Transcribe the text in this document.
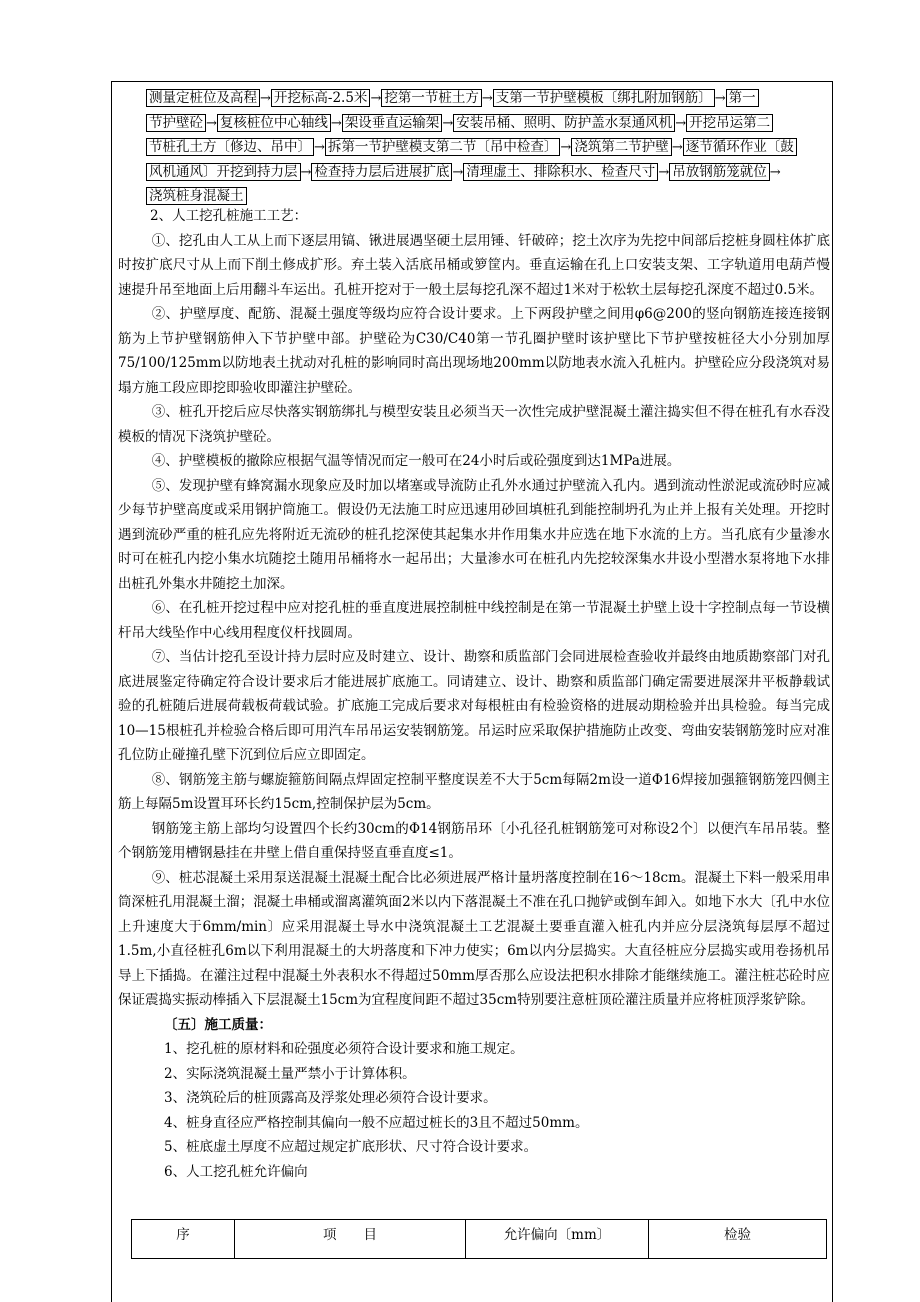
测量定桩位及高程 → 开挖标高-2.5米 → 挖第一节桩土方 → 支第一节护壁模板〔绑扎附加钢筋〕 → 第一
节护壁砼 → 复核桩位中心轴线 → 架设垂直运输架 → 安装吊桶、照明、防护盖水泵通风机 → 开挖吊运第二
节桩孔土方〔修边、吊中〕 → 拆第一节护壁模支第二节〔吊中检查〕 → 浇筑第二节护壁 → 逐节循环作业〔鼓
风机通风〕开挖到持力层 → 检查持力层后进展扩底 → 清理虚土、排除积水、检查尺寸 → 吊放钢筋笼就位 →
浇筑桩身混凝土

2、人工挖孔桩施工工艺：

①、挖孔由人工从上而下逐层用镐、锹进展遇坚硬土层用锤、钎破碎；挖土次序为先挖中间部后挖桩身圆柱体扩底时按扩底尺寸从上而下削土修成扩形。弃土装入活底吊桶或箩筐内。垂直运输在孔上口安装支架、工字轨道用电葫芦慢速提升吊至地面上后用翻斗车运出。孔桩开挖对于一般土层每挖孔深不超过1米对于松软土层每挖孔深度不超过0.5米。

②、护壁厚度、配筋、混凝土强度等级均应符合设计要求。上下两段护壁之间用φ6@200的竖向钢筋连接连接钢筋为上节护壁钢筋伸入下节护壁中部。护壁砼为C30/C40第一节孔圈护壁时该护壁比下节护壁按桩径大小分别加厚75/100/125mm以防地表土扰动对孔桩的影响同时高出现场地200mm以防地表水流入孔桩内。护壁砼应分段浇筑对易塌方施工段应即挖即验收即灌注护壁砼。

③、桩孔开挖后应尽快落实钢筋绑扎与模型安装且必须当天一次性完成护壁混凝土灌注捣实但不得在桩孔有水吞没模板的情况下浇筑护壁砼。

④、护壁模板的撤除应根据气温等情况而定一般可在24小时后或砼强度到达1MPa进展。

⑤、发现护壁有蜂窝漏水现象应及时加以堵塞或导流防止孔外水通过护壁流入孔内。遇到流动性淤泥或流砂时应减少每节护壁高度或采用钢护筒施工。假设仍无法施工时应迅速用砂回填桩孔到能控制坍孔为止并上报有关处理。开挖时遇到流砂严重的桩孔应先将附近无流砂的桩孔挖深使其起集水井作用集水井应选在地下水流的上方。当孔底有少量渗水时可在桩孔内挖小集水坑随挖土随用吊桶将水一起吊出；大量渗水可在桩孔内先挖较深集水井设小型潜水泵将地下水排出桩孔外集水井随挖土加深。

⑥、在孔桩开挖过程中应对挖孔桩的垂直度进展控制桩中线控制是在第一节混凝土护壁上设十字控制点每一节设横杆吊大线坠作中心线用程度仪杆找圆周。

⑦、当估计挖孔至设计持力层时应及时建立、设计、勘察和质监部门会同进展检查验收并最终由地质勘察部门对孔底进展鉴定待确定符合设计要求后才能进展扩底施工。同请建立、设计、勘察和质监部门确定需要进展深井平板静载试验的孔桩随后进展荷载板荷载试验。扩底施工完成后要求对每根桩由有检验资格的进展动期检验并出具检验。每当完成10—15根桩孔并检验合格后即可用汽车吊吊运安装钢筋笼。吊运时应采取保护措施防止改变、弯曲安装钢筋笼时应对准孔位防止碰撞孔壁下沉到位后应立即固定。

⑧、钢筋笼主筋与螺旋箍筋间隔点焊固定控制平整度误差不大于5cm每隔2m设一道Φ16焊接加强箍钢筋笼四侧主筋上每隔5m设置耳环长约15cm,控制保护层为5cm。

钢筋笼主筋上部均匀设置四个长约30cm的Φ14钢筋吊环〔小孔径孔桩钢筋笼可对称设2个〕以便汽车吊吊装。整个钢筋笼用槽钢悬挂在井壁上借自重保持竖直垂直度≤1。

⑨、桩芯混凝土采用泵送混凝土混凝土配合比必须进展严格计量坍落度控制在16～18cm。混凝土下料一般采用串筒深桩孔用混凝土溜；混凝土串桶或溜离灌筑面2米以内下落混凝土不准在孔口抛铲或倒车卸入。如地下水大〔孔中水位上升速度大于6mm/min〕应采用混凝土导水中浇筑混凝土工艺混凝土要垂直灌入桩孔内并应分层浇筑每层厚不超过1.5m,小直径桩孔6m以下利用混凝土的大坍落度和下冲力使实；6m以内分层捣实。大直径桩应分层捣实或用卷扬机吊导上下插捣。在灌注过程中混凝土外表积水不得超过50mm厚否那么应设法把积水排除才能继续施工。灌注桩芯砼时应保证震捣实振动棒插入下层混凝土15cm为宜程度间距不超过35cm特别要注意桩顶砼灌注质量并应将桩顶浮浆铲除。

〔五〕施工质量：

1、挖孔桩的原材料和砼强度必须符合设计要求和施工规定。

2、实际浇筑混凝土量严禁小于计算体积。

3、浇筑砼后的桩顶露高及浮浆处理必须符合设计要求。

4、桩身直径应严格控制其偏向一般不应超过桩长的3且不超过50mm。

5、桩底虚土厚度不应超过规定扩底形状、尺寸符合设计要求。

6、人工挖孔桩允许偏向

序	项　　目	允许偏向〔mm〕	检验
